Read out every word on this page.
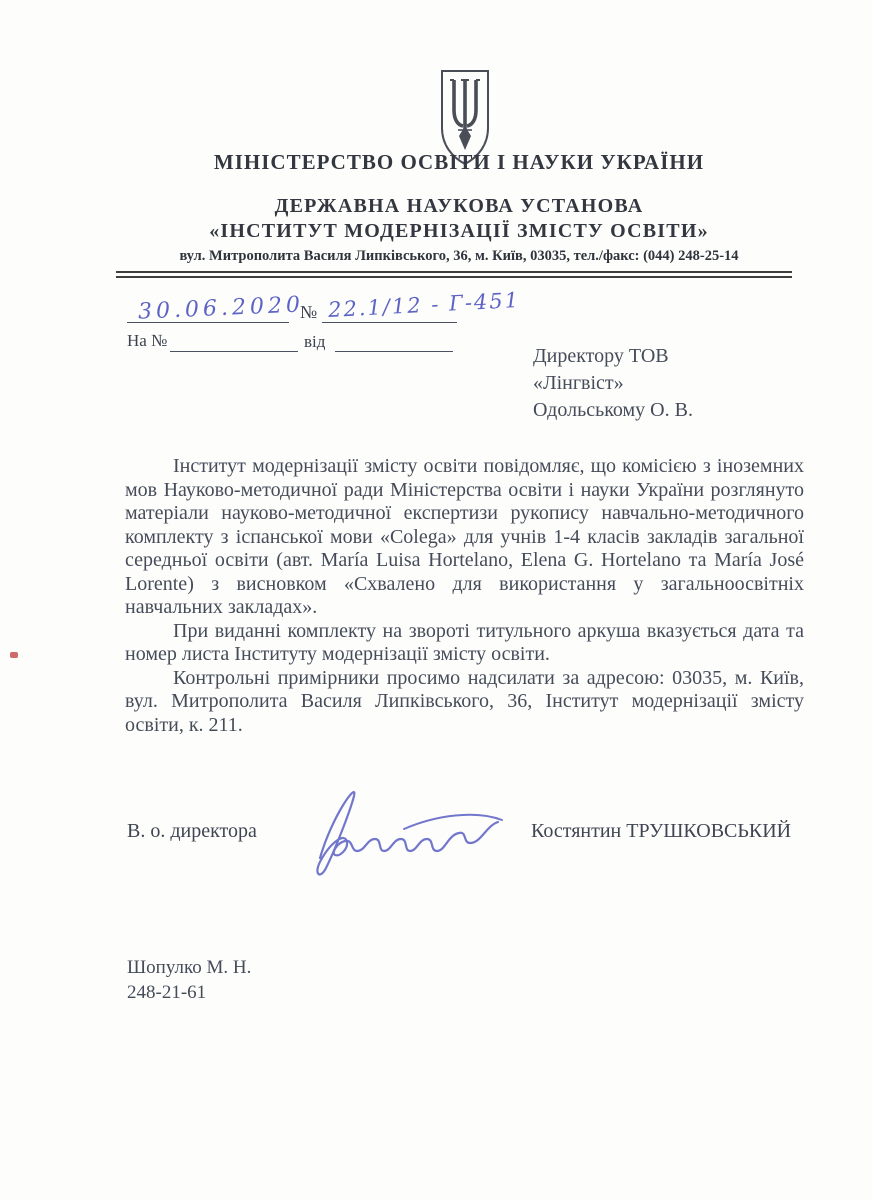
МІНІСТЕРСТВО ОСВІТИ І НАУКИ УКРАЇНИ
ДЕРЖАВНА НАУКОВА УСТАНОВА
«ІНСТИТУТ МОДЕРНІЗАЦІЇ ЗМІСТУ ОСВІТИ»
вул. Митрополита Василя Липківського, 36, м. Київ, 03035, тел./факс: (044) 248-25-14
30.06.2020
№ 22.1/12 - Г-451
На №	від
Директору ТОВ
«Лінгвіст»
Одольському О. В.

Інститут модернізації змісту освіти повідомляє, що комісією з іноземних мов Науково-методичної ради Міністерства освіти і науки України розглянуто матеріали науково-методичної експертизи рукопису навчально-методичного комплекту з іспанської мови «Colega» для учнів 1-4 класів закладів загальної середньої освіти (авт. María Luisa Hortelano, Elena G. Hortelano та María José Lorente) з висновком «Схвалено для використання у загальноосвітніх навчальних закладах».

При виданні комплекту на звороті титульного аркуша вказується дата та номер листа Інституту модернізації змісту освіти.

Контрольні примірники просимо надсилати за адресою: 03035, м. Київ, вул. Митрополита Василя Липківського, 36, Інститут модернізації змісту освіти, к. 211.

В. о. директора	Костянтин ТРУШКОВСЬКИЙ
Шопулко М. Н.
248-21-61
